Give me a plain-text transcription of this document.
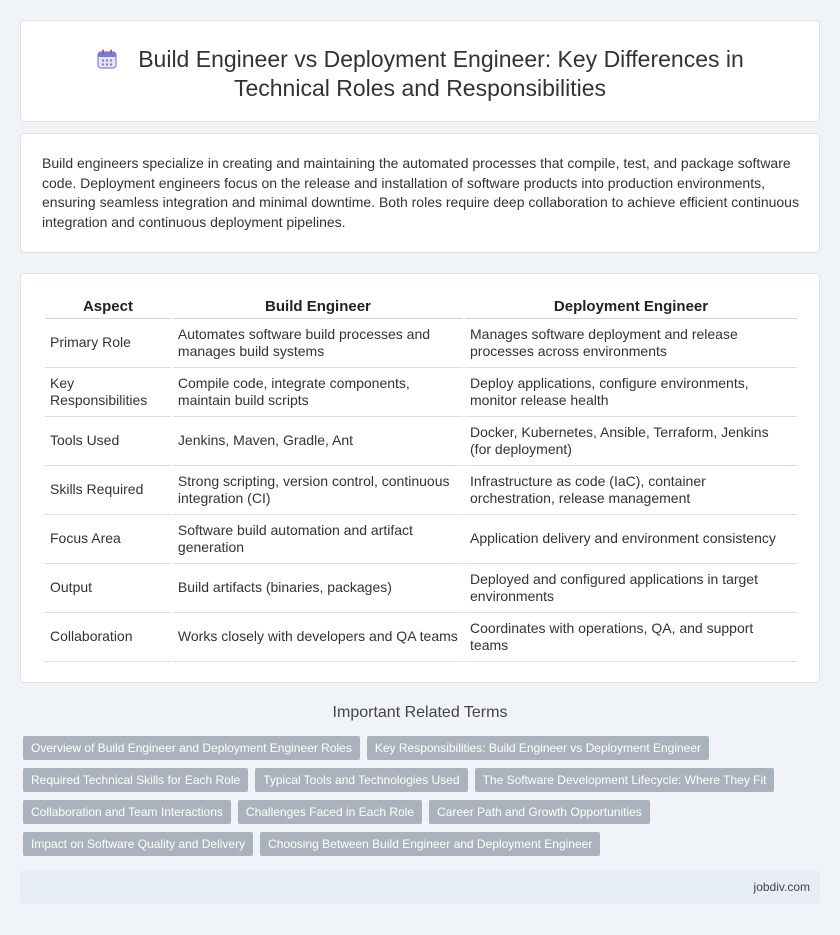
Build Engineer vs Deployment Engineer: Key Differences in Technical Roles and Responsibilities

Build engineers specialize in creating and maintaining the automated processes that compile, test, and package software code. Deployment engineers focus on the release and installation of software products into production environments, ensuring seamless integration and minimal downtime. Both roles require deep collaboration to achieve efficient continuous integration and continuous deployment pipelines.

Aspect	Build Engineer	Deployment Engineer
Primary Role	Automates software build processes and manages build systems	Manages software deployment and release processes across environments
Key Responsibilities	Compile code, integrate components, maintain build scripts	Deploy applications, configure environments, monitor release health
Tools Used	Jenkins, Maven, Gradle, Ant	Docker, Kubernetes, Ansible, Terraform, Jenkins (for deployment)
Skills Required	Strong scripting, version control, continuous integration (CI)	Infrastructure as code (IaC), container orchestration, release management
Focus Area	Software build automation and artifact generation	Application delivery and environment consistency
Output	Build artifacts (binaries, packages)	Deployed and configured applications in target environments
Collaboration	Works closely with developers and QA teams	Coordinates with operations, QA, and support teams
Important Related Terms
Overview of Build Engineer and Deployment Engineer Roles Key Responsibilities: Build Engineer vs Deployment Engineer
Required Technical Skills for Each Role Typical Tools and Technologies Used The Software Development Lifecycle: Where They Fit
Collaboration and Team Interactions Challenges Faced in Each Role Career Path and Growth Opportunities
Impact on Software Quality and Delivery Choosing Between Build Engineer and Deployment Engineer
jobdiv.com
